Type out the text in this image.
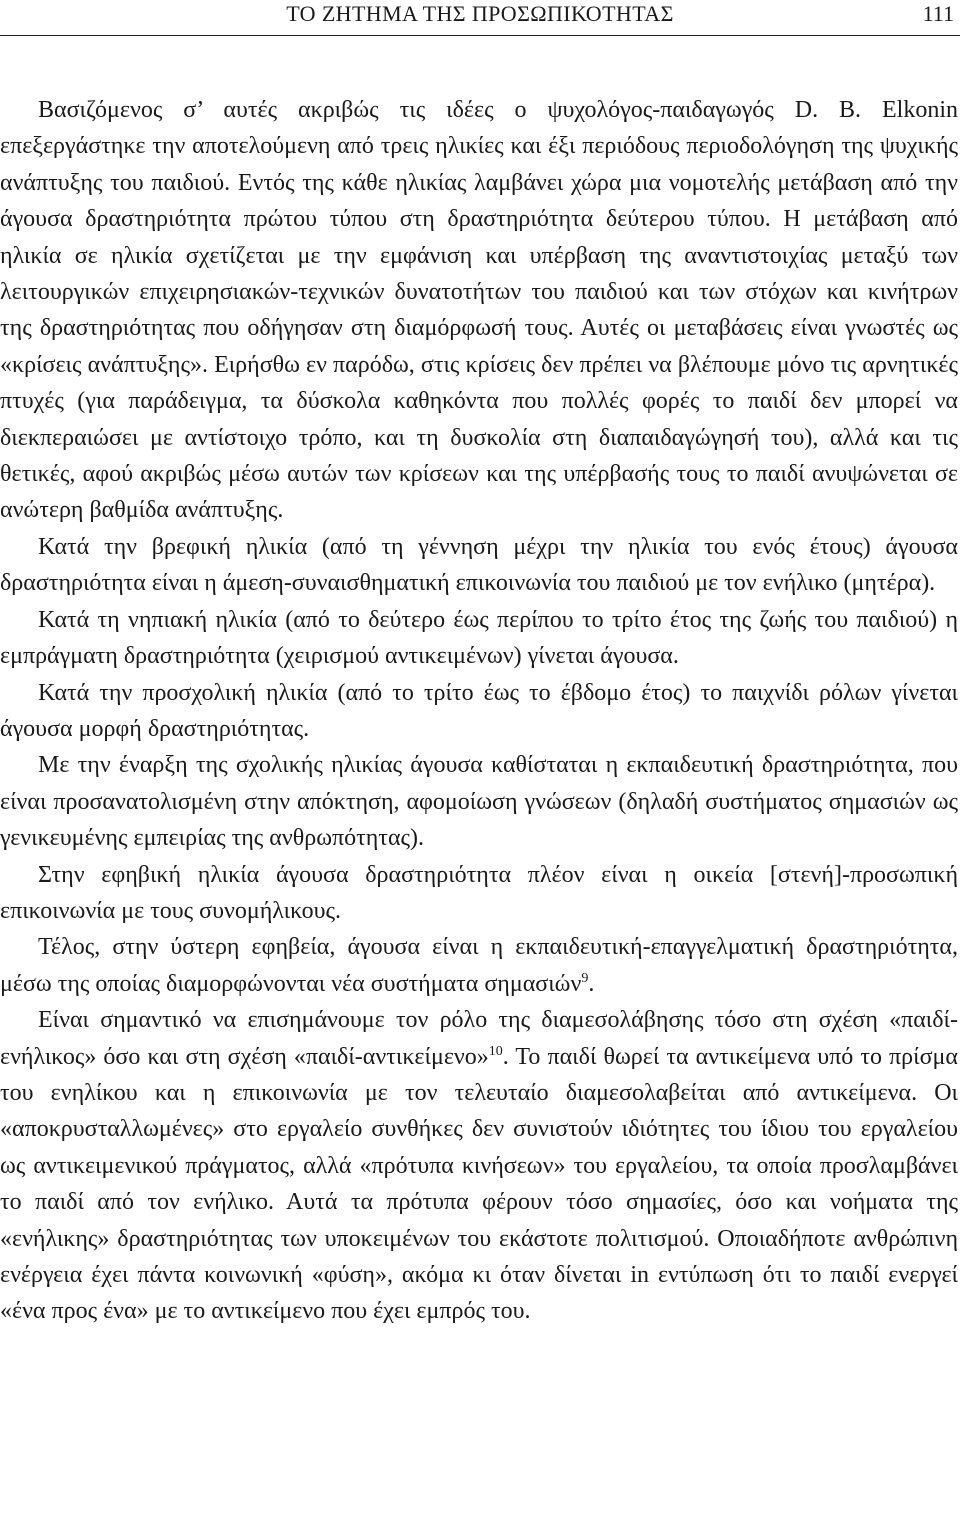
ΤΟ ΖΗΤΗΜΑ ΤΗΣ ΠΡΟΣΩΠΙΚΟΤΗΤΑΣ	111

Βασιζόμενος σ’ αυτές ακριβώς τις ιδέες ο ψυχολόγος-παιδαγωγός D. B. Elkonin επεξεργάστηκε την αποτελούμενη από τρεις ηλικίες και έξι περιόδους περιοδολόγηση της ψυχικής ανάπτυξης του παιδιού. Εντός της κάθε ηλικίας λαμβάνει χώρα μια νομοτελής μετάβαση από την άγουσα δραστηριότητα πρώτου τύπου στη δραστηριότητα δεύτερου τύπου. Η μετάβαση από ηλικία σε ηλικία σχετίζεται με την εμφάνιση και υπέρβαση της αναντιστοιχίας μεταξύ των λειτουργικών επιχειρησιακών-τεχνικών δυνατοτήτων του παιδιού και των στόχων και κινήτρων της δραστηριότητας που οδήγησαν στη διαμόρφωσή τους. Αυτές οι μεταβάσεις είναι γνωστές ως «κρίσεις ανάπτυξης». Ειρήσθω εν παρόδω, στις κρίσεις δεν πρέπει να βλέπουμε μόνο τις αρνητικές πτυχές (για παράδειγμα, τα δύσκολα καθηκόντα που πολλές φορές το παιδί δεν μπορεί να διεκπεραιώσει με αντίστοιχο τρόπο, και τη δυσκολία στη διαπαιδαγώγησή του), αλλά και τις θετικές, αφού ακριβώς μέσω αυτών των κρίσεων και της υπέρβασής τους το παιδί ανυψώνεται σε ανώτερη βαθμίδα ανάπτυξης.

Κατά την βρεφική ηλικία (από τη γέννηση μέχρι την ηλικία του ενός έτους) άγουσα δραστηριότητα είναι η άμεση-συναισθηματική επικοινωνία του παιδιού με τον ενήλικο (μητέρα).

Κατά τη νηπιακή ηλικία (από το δεύτερο έως περίπου το τρίτο έτος της ζωής του παιδιού) η εμπράγματη δραστηριότητα (χειρισμού αντικειμένων) γίνεται άγουσα.

Κατά την προσχολική ηλικία (από το τρίτο έως το έβδομο έτος) το παιχνίδι ρόλων γίνεται άγουσα μορφή δραστηριότητας.

Με την έναρξη της σχολικής ηλικίας άγουσα καθίσταται η εκπαιδευτική δραστηριότητα, που είναι προσανατολισμένη στην απόκτηση, αφομοίωση γνώσεων (δηλαδή συστήματος σημασιών ως γενικευμένης εμπειρίας της ανθρωπότητας).

Στην εφηβική ηλικία άγουσα δραστηριότητα πλέον είναι η οικεία [στενή]-προσωπική επικοινωνία με τους συνομήλικους.

Τέλος, στην ύστερη εφηβεία, άγουσα είναι η εκπαιδευτική-επαγγελματική δραστηριότητα, μέσω της οποίας διαμορφώνονται νέα συστήματα σημασιών$^9$.

Είναι σημαντικό να επισημάνουμε τον ρόλο της διαμεσολάβησης τόσο στη σχέση «παιδί-ενήλικος» όσο και στη σχέση «παιδί-αντικείμενο»$^{10}$. Το παιδί θωρεί τα αντικείμενα υπό το πρίσμα του ενηλίκου και η επικοινωνία με τον τελευταίο διαμεσολαβείται από αντικείμενα. Οι «αποκρυσταλλωμένες» στο εργαλείο συνθήκες δεν συνιστούν ιδιότητες του ίδιου του εργαλείου ως αντικειμενικού πράγματος, αλλά «πρότυπα κινήσεων» του εργαλείου, τα οποία προσλαμβάνει το παιδί από τον ενήλικο. Αυτά τα πρότυπα φέρουν τόσο σημασίες, όσο και νοήματα της «ενήλικης» δραστηριότητας των υποκειμένων του εκάστοτε πολιτισμού. Οποιαδήποτε ανθρώπινη ενέργεια έχει πάντα κοινωνική «φύση», ακόμα κι όταν δίνεται in εντύπωση ότι το παιδί ενεργεί «ένα προς ένα» με το αντικείμενο που έχει εμπρός του.
